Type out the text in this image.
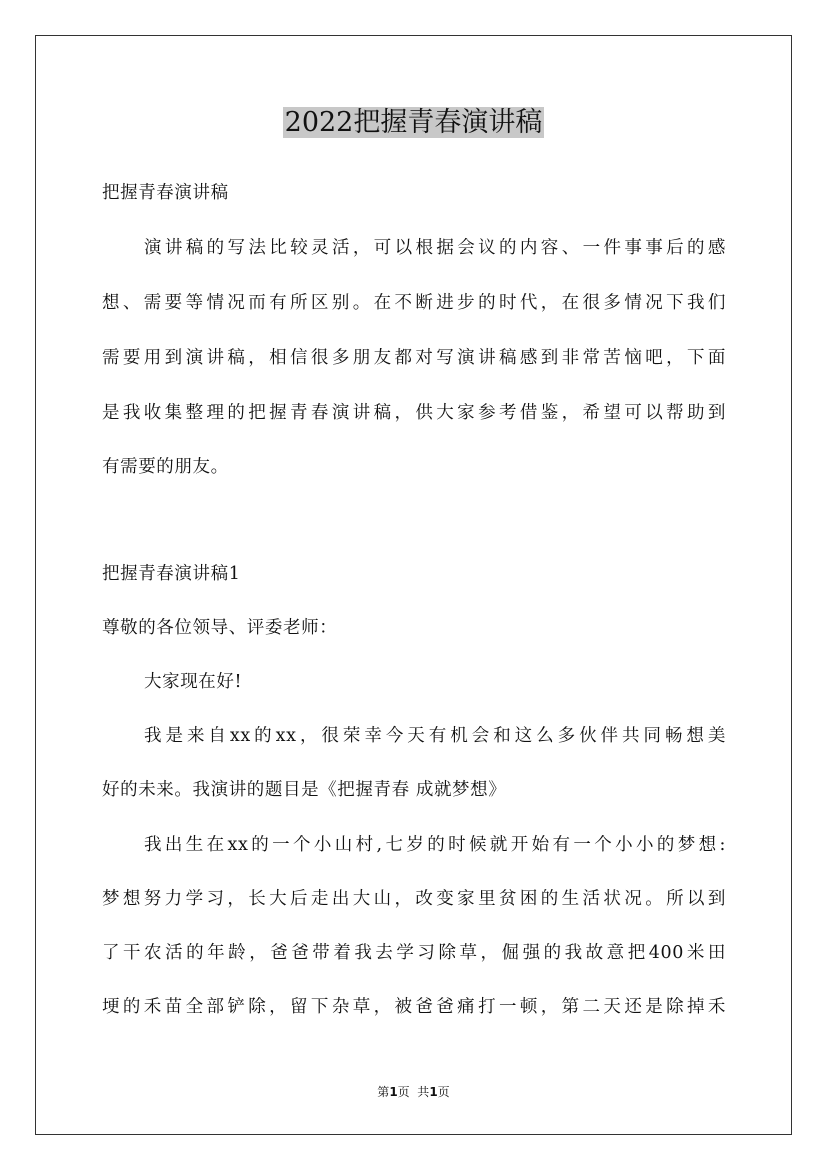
2022把握青春演讲稿
把握青春演讲稿
演讲稿的写法比较灵活，可以根据会议的内容、一件事事后的感
想、需要等情况而有所区别。在不断进步的时代，在很多情况下我们
需要用到演讲稿，相信很多朋友都对写演讲稿感到非常苦恼吧，下面
是我收集整理的把握青春演讲稿，供大家参考借鉴，希望可以帮助到
有需要的朋友。
把握青春演讲稿1
尊敬的各位领导、评委老师：
大家现在好!
我是来自xx的xx，很荣幸今天有机会和这么多伙伴共同畅想美
好的未来。我演讲的题目是《把握青春 成就梦想》
我出生在xx的一个小山村,七岁的时候就开始有一个小小的梦想:
梦想努力学习，长大后走出大山，改变家里贫困的生活状况。所以到
了干农活的年龄，爸爸带着我去学习除草，倔强的我故意把400米田
埂的禾苗全部铲除，留下杂草，被爸爸痛打一顿，第二天还是除掉禾
第1页  共1页
